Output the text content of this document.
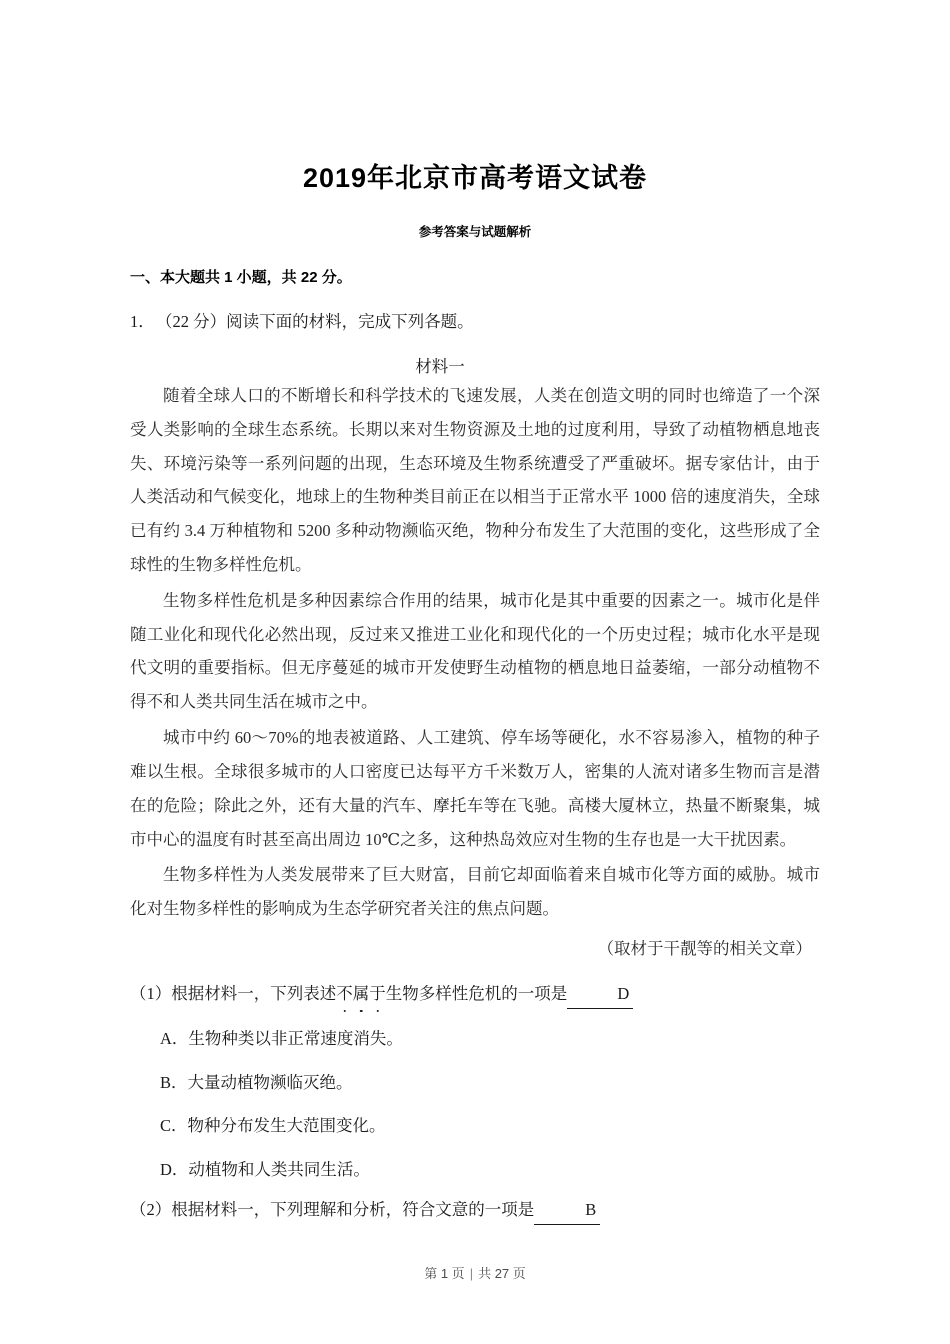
2019年北京市高考语文试卷
参考答案与试题解析
一、本大题共 1 小题，共 22 分。
1．（22 分）阅读下面的材料，完成下列各题。
材料一

随着全球人口的不断增长和科学技术的飞速发展，人类在创造文明的同时也缔造了一个深受人类影响的全球生态系统。长期以来对生物资源及土地的过度利用，导致了动植物栖息地丧失、环境污染等一系列问题的出现，生态环境及生物系统遭受了严重破坏。据专家估计，由于人类活动和气候变化，地球上的生物种类目前正在以相当于正常水平 1000 倍的速度消失，全球已有约 3.4 万种植物和 5200 多种动物濒临灭绝，物种分布发生了大范围的变化，这些形成了全球性的生物多样性危机。

生物多样性危机是多种因素综合作用的结果，城市化是其中重要的因素之一。城市化是伴随工业化和现代化必然出现，反过来又推进工业化和现代化的一个历史过程；城市化水平是现代文明的重要指标。但无序蔓延的城市开发使野生动植物的栖息地日益萎缩，一部分动植物不得不和人类共同生活在城市之中。

城市中约 60～70%的地表被道路、人工建筑、停车场等硬化，水不容易渗入，植物的种子难以生根。全球很多城市的人口密度已达每平方千米数万人，密集的人流对诸多生物而言是潜在的危险；除此之外，还有大量的汽车、摩托车等在飞驰。高楼大厦林立，热量不断聚集，城市中心的温度有时甚至高出周边 10℃之多，这种热岛效应对生物的生存也是一大干扰因素。

生物多样性为人类发展带来了巨大财富，目前它却面临着来自城市化等方面的威胁。城市化对生物多样性的影响成为生态学研究者关注的焦点问题。

（取材于干靓等的相关文章）

（1）根据材料一，下列表述不属于生物多样性危机的一项是	D
A．生物种类以非正常速度消失。
B．大量动植物濒临灭绝。
C．物种分布发生大范围变化。
D．动植物和人类共同生活。
（2）根据材料一，下列理解和分析，符合文意的一项是	B
第 1 页 | 共 27 页
